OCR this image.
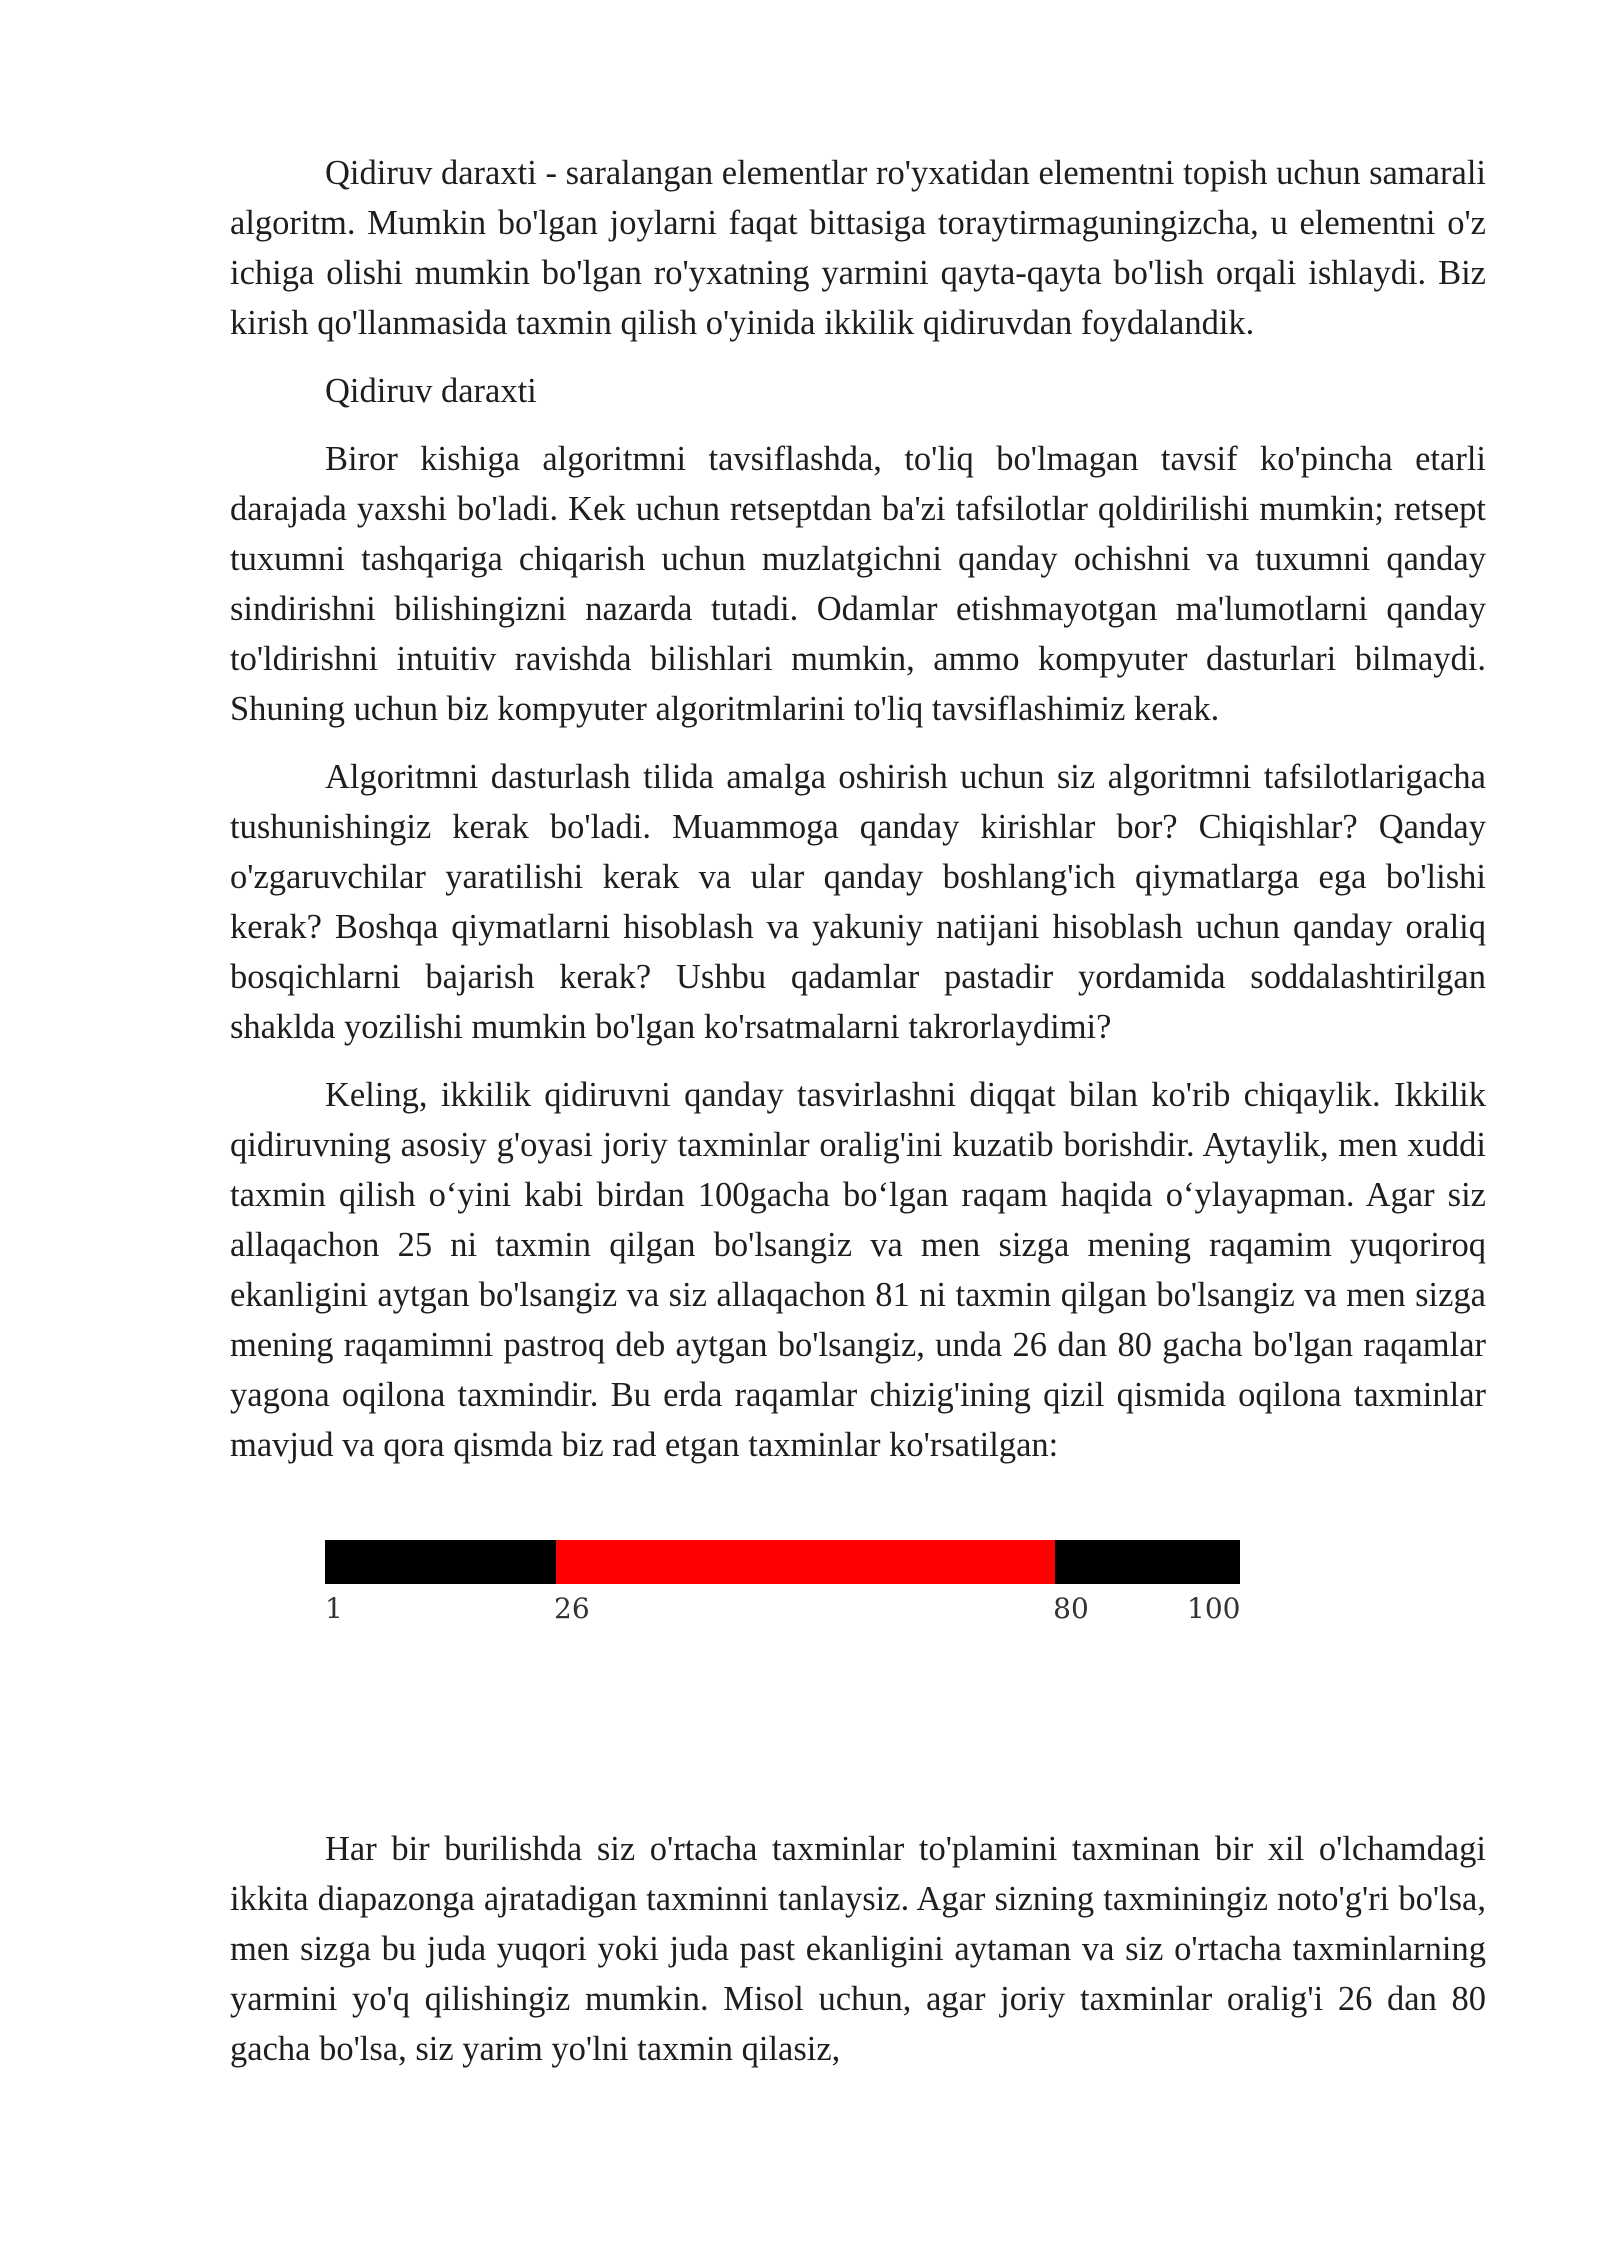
Qidiruv daraxti - saralangan elementlar ro'yxatidan elementni topish uchun samarali algoritm. Mumkin bo'lgan joylarni faqat bittasiga toraytirmaguningizcha, u elementni o'z ichiga olishi mumkin bo'lgan ro'yxatning yarmini qayta-qayta bo'lish orqali ishlaydi. Biz kirish qo'llanmasida taxmin qilish o'yinida ikkilik qidiruvdan foydalandik.

Qidiruv daraxti

Biror kishiga algoritmni tavsiflashda, to'liq bo'lmagan tavsif ko'pincha etarli darajada yaxshi bo'ladi. Kek uchun retseptdan ba'zi tafsilotlar qoldirilishi mumkin; retsept tuxumni tashqariga chiqarish uchun muzlatgichni qanday ochishni va tuxumni qanday sindirishni bilishingizni nazarda tutadi. Odamlar etishmayotgan ma'lumotlarni qanday to'ldirishni intuitiv ravishda bilishlari mumkin, ammo kompyuter dasturlari bilmaydi. Shuning uchun biz kompyuter algoritmlarini to'liq tavsiflashimiz kerak.

Algoritmni dasturlash tilida amalga oshirish uchun siz algoritmni tafsilotlarigacha tushunishingiz kerak bo'ladi. Muammoga qanday kirishlar bor? Chiqishlar? Qanday o'zgaruvchilar yaratilishi kerak va ular qanday boshlang'ich qiymatlarga ega bo'lishi kerak? Boshqa qiymatlarni hisoblash va yakuniy natijani hisoblash uchun qanday oraliq bosqichlarni bajarish kerak? Ushbu qadamlar pastadir yordamida soddalashtirilgan shaklda yozilishi mumkin bo'lgan ko'rsatmalarni takrorlaydimi?

Keling, ikkilik qidiruvni qanday tasvirlashni diqqat bilan ko'rib chiqaylik. Ikkilik qidiruvning asosiy g'oyasi joriy taxminlar oralig'ini kuzatib borishdir. Aytaylik, men xuddi taxmin qilish o‘yini kabi birdan 100gacha bo‘lgan raqam haqida o‘ylayapman. Agar siz allaqachon 25 ni taxmin qilgan bo'lsangiz va men sizga mening raqamim yuqoriroq ekanligini aytgan bo'lsangiz va siz allaqachon 81 ni taxmin qilgan bo'lsangiz va men sizga mening raqamimni pastroq deb aytgan bo'lsangiz, unda 26 dan 80 gacha bo'lgan raqamlar yagona oqilona taxmindir. Bu erda raqamlar chizig'ining qizil qismida oqilona taxminlar mavjud va qora qismda biz rad etgan taxminlar ko'rsatilgan:

1	26	80	100

Har bir burilishda siz o'rtacha taxminlar to'plamini taxminan bir xil o'lchamdagi ikkita diapazonga ajratadigan taxminni tanlaysiz. Agar sizning taxminingiz noto'g'ri bo'lsa, men sizga bu juda yuqori yoki juda past ekanligini aytaman va siz o'rtacha taxminlarning yarmini yo'q qilishingiz mumkin. Misol uchun, agar joriy taxminlar oralig'i 26 dan 80 gacha bo'lsa, siz yarim yo'lni taxmin qilasiz,
